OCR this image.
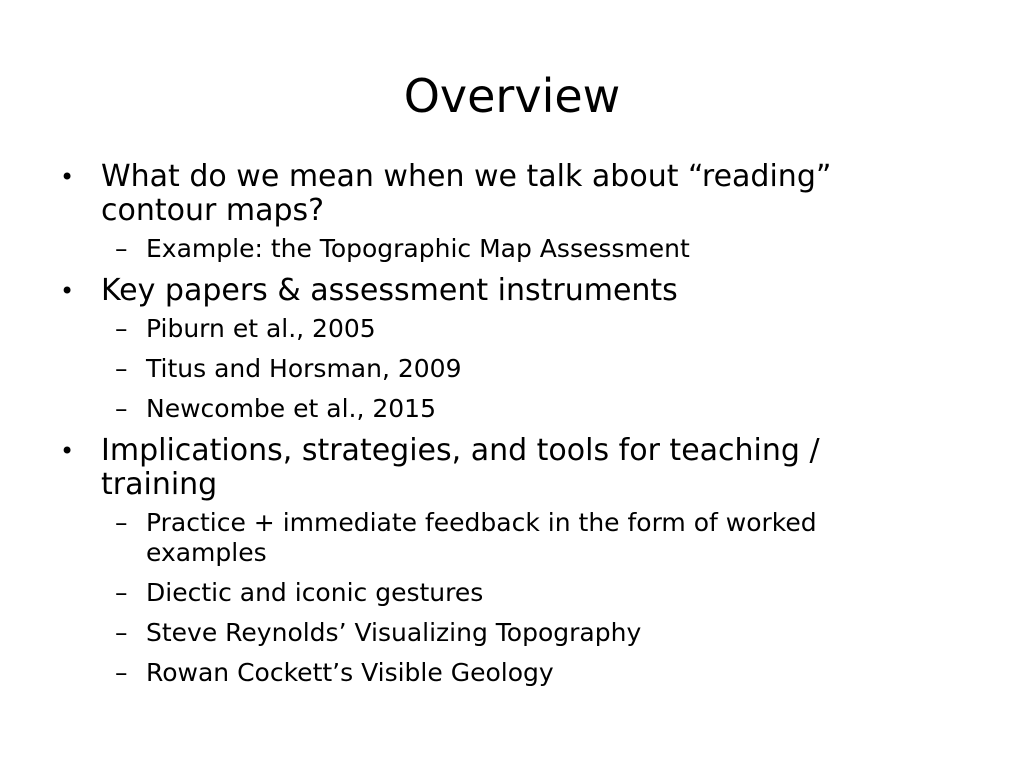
Overview
• What do we mean when we talk about “reading” contour maps?
– Example: the Topographic Map Assessment
• Key papers & assessment instruments
– Piburn et al., 2005
– Titus and Horsman, 2009
– Newcombe et al., 2015
• Implications, strategies, and tools for teaching / training
– Practice + immediate feedback in the form of worked examples
– Diectic and iconic gestures
– Steve Reynolds’ Visualizing Topography
– Rowan Cockett’s Visible Geology
